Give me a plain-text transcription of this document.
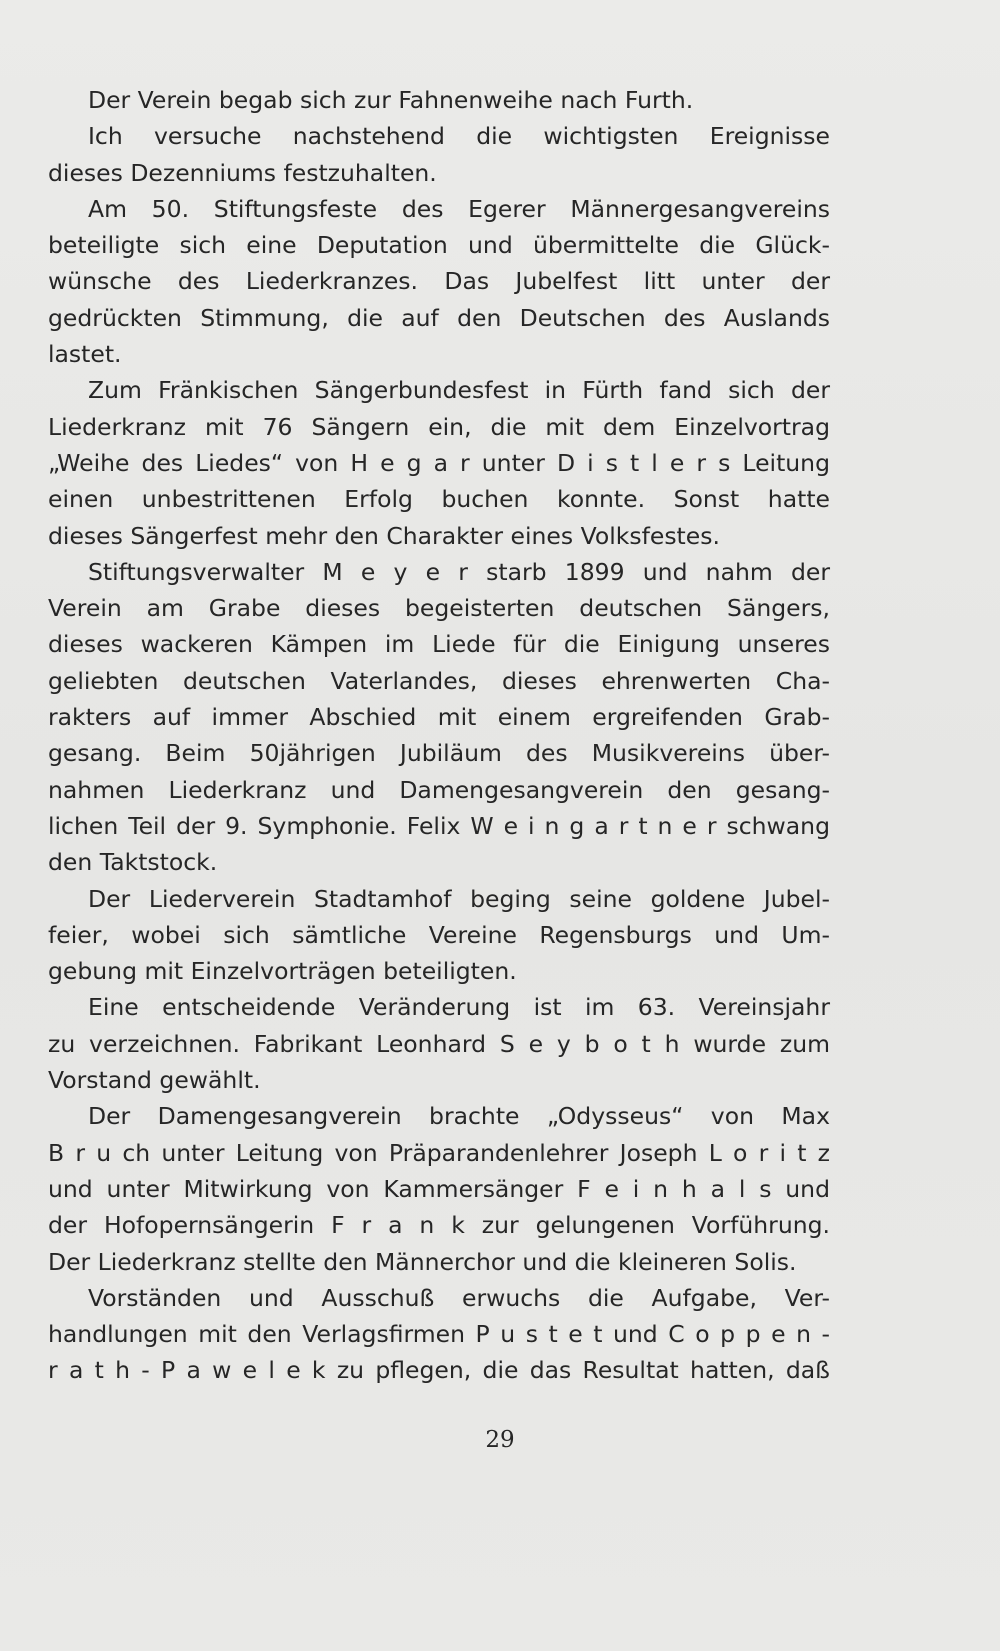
Der Verein begab sich zur Fahnenweihe nach Furth.
Ich versuche nachstehend die wichtigsten Ereignisse
dieses Dezenniums festzuhalten.
Am 50. Stiftungsfeste des Egerer Männergesangvereins
beteiligte sich eine Deputation und übermittelte die Glück-
wünsche des Liederkranzes. Das Jubelfest litt unter der
gedrückten Stimmung, die auf den Deutschen des Auslands
lastet.
Zum Fränkischen Sängerbundesfest in Fürth fand sich der
Liederkranz mit 76 Sängern ein, die mit dem Einzelvortrag
„Weihe des Liedes“ von H e g a r unter D i s t l e r s Leitung
einen unbestrittenen Erfolg buchen konnte. Sonst hatte
dieses Sängerfest mehr den Charakter eines Volksfestes.
Stiftungsverwalter M e y e r starb 1899 und nahm der
Verein am Grabe dieses begeisterten deutschen Sängers,
dieses wackeren Kämpen im Liede für die Einigung unseres
geliebten deutschen Vaterlandes, dieses ehrenwerten Cha-
rakters auf immer Abschied mit einem ergreifenden Grab-
gesang. Beim 50jährigen Jubiläum des Musikvereins über-
nahmen Liederkranz und Damengesangverein den gesang-
lichen Teil der 9. Symphonie. Felix W e i n g a r t n e r schwang
den Taktstock.
Der Liederverein Stadtamhof beging seine goldene Jubel-
feier, wobei sich sämtliche Vereine Regensburgs und Um-
gebung mit Einzelvorträgen beteiligten.
Eine entscheidende Veränderung ist im 63. Vereinsjahr
zu verzeichnen. Fabrikant Leonhard S e y b o t h wurde zum
Vorstand gewählt.
Der Damengesangverein brachte „Odysseus“ von Max
B r u ch unter Leitung von Präparandenlehrer Joseph L o r i t z
und unter Mitwirkung von Kammersänger F e i n h a l s und
der Hofopernsängerin F r a n k zur gelungenen Vorführung.
Der Liederkranz stellte den Männerchor und die kleineren Solis.
Vorständen und Ausschuß erwuchs die Aufgabe, Ver-
handlungen mit den Verlagsfirmen P u s t e t und C o p p e n -
r a t h - P a w e l e k zu pflegen, die das Resultat hatten, daß
29
